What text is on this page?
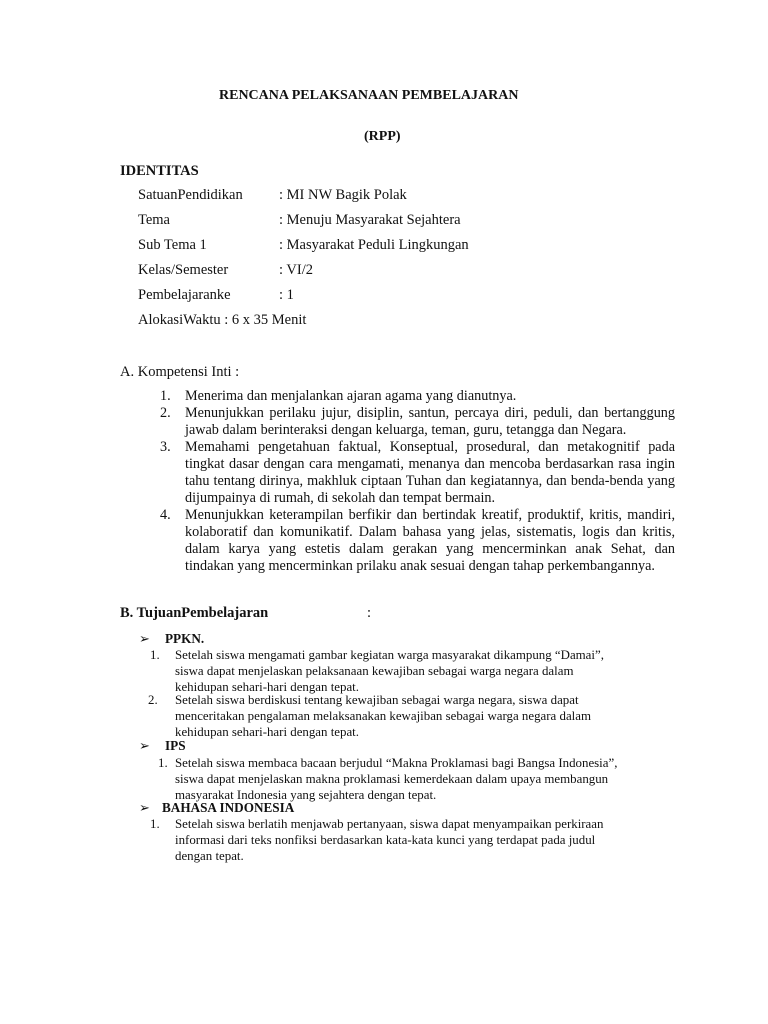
RENCANA PELAKSANAAN PEMBELAJARAN
(RPP)
IDENTITAS
SatuanPendidikan	: MI NW Bagik Polak
Tema	: Menuju Masyarakat Sejahtera
Sub Tema 1	: Masyarakat Peduli Lingkungan
Kelas/Semester	: VI/2
Pembelajaranke	: 1
AlokasiWaktu : 6 x 35 Menit
A. Kompetensi Inti :
1. Menerima dan menjalankan ajaran agama yang dianutnya.
2. Menunjukkan perilaku jujur, disiplin, santun, percaya diri, peduli, dan bertanggung jawab dalam berinteraksi dengan keluarga, teman, guru, tetangga dan Negara.
3. Memahami pengetahuan faktual, Konseptual, prosedural, dan metakognitif pada tingkat dasar dengan cara mengamati, menanya dan mencoba berdasarkan rasa ingin tahu tentang dirinya, makhluk ciptaan Tuhan dan kegiatannya, dan benda-benda yang dijumpainya di rumah, di sekolah dan tempat bermain.
4. Menunjukkan keterampilan berfikir dan bertindak kreatif, produktif, kritis, mandiri, kolaboratif dan komunikatif. Dalam bahasa yang jelas, sistematis, logis dan kritis, dalam karya yang estetis dalam gerakan yang mencerminkan anak Sehat, dan tindakan yang mencerminkan prilaku anak sesuai dengan tahap perkembangannya.
B. TujuanPembelajaran	:
➢ PPKN.
1. Setelah siswa mengamati gambar kegiatan warga masyarakat dikampung “Damai”,
siswa dapat menjelaskan pelaksanaan kewajiban sebagai warga negara dalam
kehidupan sehari-hari dengan tepat.
2. Setelah siswa berdiskusi tentang kewajiban sebagai warga negara, siswa dapat
menceritakan pengalaman melaksanakan kewajiban sebagai warga negara dalam
kehidupan sehari-hari dengan tepat.
➢ IPS
1. Setelah siswa membaca bacaan berjudul “Makna Proklamasi bagi Bangsa Indonesia”,
siswa dapat menjelaskan makna proklamasi kemerdekaan dalam upaya membangun
masyarakat Indonesia yang sejahtera dengan tepat.
➢ BAHASA INDONESIA
1. Setelah siswa berlatih menjawab pertanyaan, siswa dapat menyampaikan perkiraan
informasi dari teks nonfiksi berdasarkan kata-kata kunci yang terdapat pada judul
dengan tepat.
